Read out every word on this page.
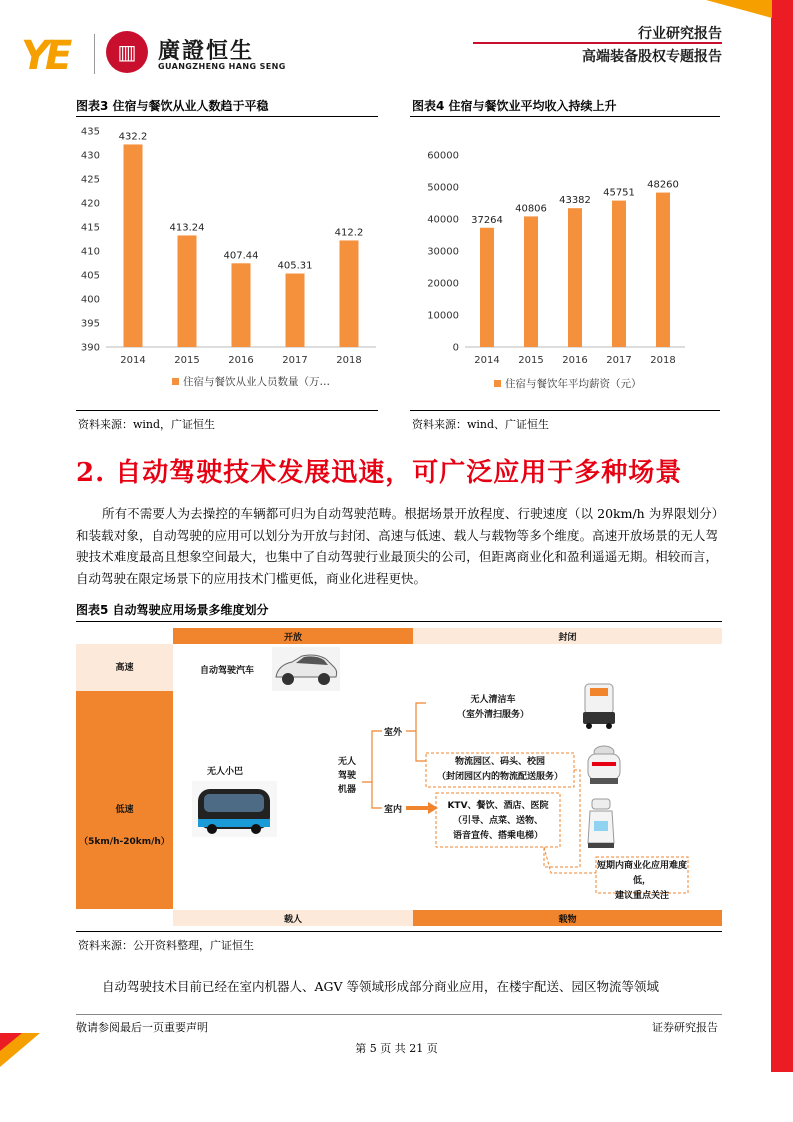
YE	▥ 廣證恒生
GUANGZHENG HANG SENG
行业研究报告
高端装备股权专题报告
图表3 住宿与餐饮从业人数趋于平稳
435
430
425
420
415
410
405
400
395
390
432.2
2014
413.24
2015
407.44
2016
405.31
2017
412.2
2018
住宿与餐饮从业人员数量（万…
资料来源：wind，广证恒生
图表4 住宿与餐饮业平均收入持续上升
60000
50000
40000
30000
20000
10000
0
37264
2014
40806
2015
43382
2016
45751
2017
48260
2018
住宿与餐饮年平均薪资（元）
资料来源：wind、广证恒生
2. 自动驾驶技术发展迅速，可广泛应用于多种场景
所有不需要人为去操控的车辆都可归为自动驾驶范畴。根据场景开放程度、行驶速度（以 20km/h 为界限划分）和装载对象，自动驾驶的应用可以划分为开放与封闭、高速与低速、载人与载物等多个维度。高速开放场景的无人驾驶技术难度最高且想象空间最大，也集中了自动驾驶行业最顶尖的公司，但距离商业化和盈利遥遥无期。相较而言，自动驾驶在限定场景下的应用技术门槛更低，商业化进程更快。
图表5 自动驾驶应用场景多维度划分
开放	封闭
高速
低速
（5km/h-20km/h）
载人	载物
自动驾驶汽车
无人小巴
无人
驾驶
机器
室外
室内
无人清洁车
（室外清扫服务）
物流园区、码头、校园
（封闭园区内的物流配送服务）
KTV、餐饮、酒店、医院
（引导、点菜、送物、
语音宣传、搭乘电梯）
短期内商业化应用难度低，
建议重点关注
资料来源：公开资料整理，广证恒生
自动驾驶技术目前已经在室内机器人、AGV 等领域形成部分商业应用，在楼宇配送、园区物流等领域
敬请参阅最后一页重要声明	证券研究报告
第 5 页 共 21 页
